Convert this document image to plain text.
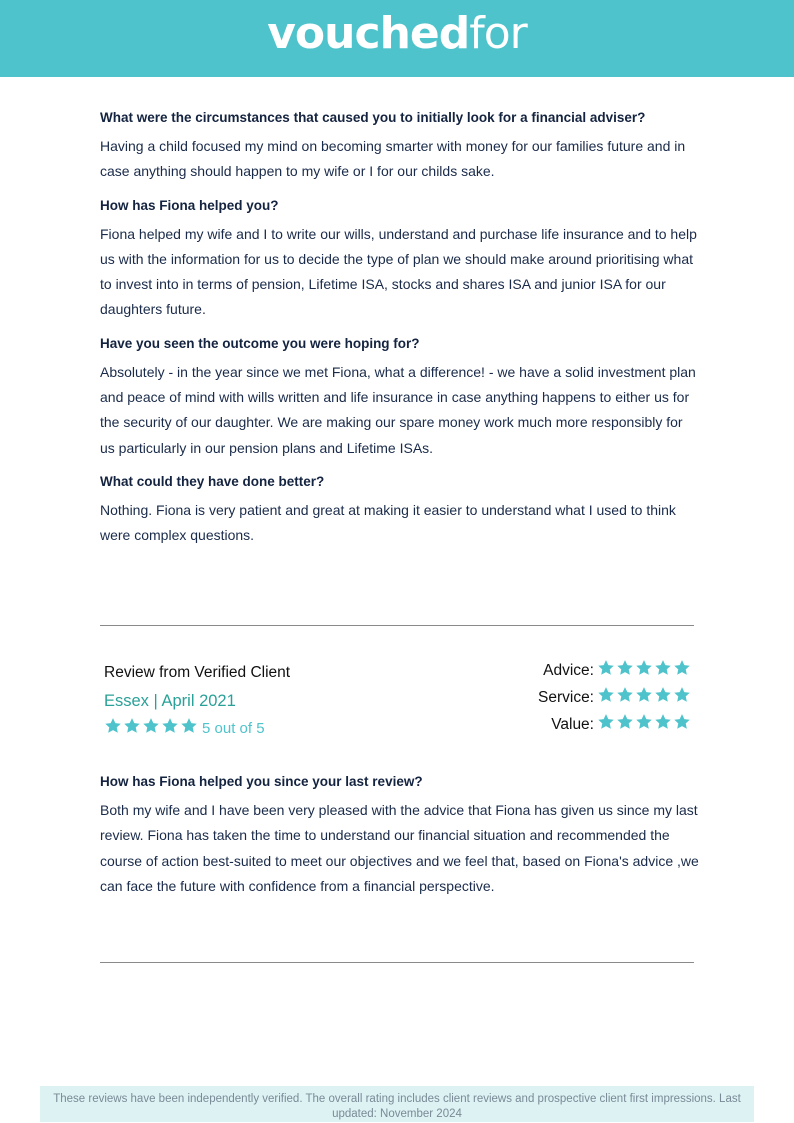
vouchedfor
What were the circumstances that caused you to initially look for a financial adviser?
Having a child focused my mind on becoming smarter with money for our families future and in case anything should happen to my wife or I for our childs sake.
How has Fiona helped you?
Fiona helped my wife and I to write our wills, understand and purchase life insurance and to help us with the information for us to decide the type of plan we should make around prioritising what to invest into in terms of pension, Lifetime ISA, stocks and shares ISA and junior ISA for our daughters future.
Have you seen the outcome you were hoping for?
Absolutely - in the year since we met Fiona, what a difference! - we have a solid investment plan and peace of mind with wills written and life insurance in case anything happens to either us for the security of our daughter. We are making our spare money work much more responsibly for us particularly in our pension plans and Lifetime ISAs.
What could they have done better?
Nothing. Fiona is very patient and great at making it easier to understand what I used to think were complex questions.
Review from Verified Client
Essex | April 2021
5 out of 5
Advice:
Service:
Value:
How has Fiona helped you since your last review?
Both my wife and I have been very pleased with the advice that Fiona has given us since my last review. Fiona has taken the time to understand our financial situation and recommended the course of action best-suited to meet our objectives and we feel that, based on Fiona's advice ,we can face the future with confidence from a financial perspective.
These reviews have been independently verified. The overall rating includes client reviews and prospective client first impressions. Last updated: November 2024
